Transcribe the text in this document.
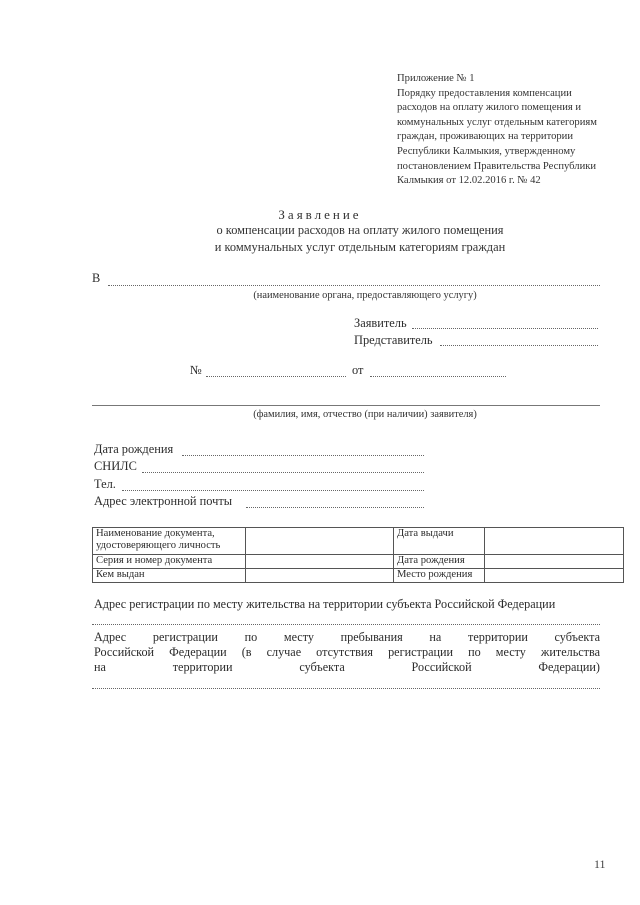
Приложение № 1
Порядку предоставления компенсации
расходов на оплату жилого помещения и
коммунальных услуг отдельным категориям
граждан, проживающих на территории
Республики Калмыкия, утвержденному
постановлением Правительства Республики
Калмыкия от 12.02.2016 г. № 42
Заявление
о компенсации расходов на оплату жилого помещения
и коммунальных услуг отдельным категориям граждан
В
(наименование органа, предоставляющего услугу)
Заявитель
Представитель
№	от
(фамилия, имя, отчество (при наличии) заявителя)
Дата рождения
СНИЛС
Тел.
Адрес электронной почты
Наименование документа,
удостоверяющего личность		Дата выдачи	
Серия и номер документа		Дата рождения	
Кем выдан		Место рождения	
Адрес регистрации по месту жительства на территории субъекта Российской Федерации
Адрес регистрации по месту пребывания на территории субъекта
Российской Федерации (в случае отсутствия регистрации по месту жительства
на территории субъекта Российской Федерации)
11
